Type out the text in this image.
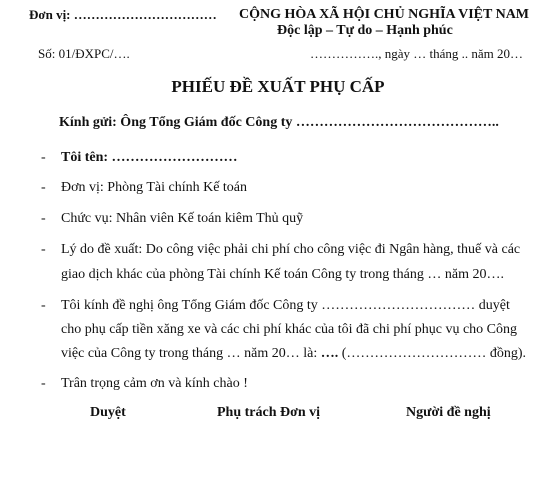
Đơn vị: …………………………… CỘNG HÒA XÃ HỘI CHỦ NGHĨA VIỆT NAM
Độc lập – Tự do – Hạnh phúc
Số: 01/ĐXPC/….	……………., ngày … tháng .. năm 20…
PHIẾU ĐỀ XUẤT PHỤ CẤP
Kính gửi: Ông Tổng Giám đốc Công ty ……………………………………..
- Tôi tên: ………………………
- Đơn vị: Phòng Tài chính Kế toán
- Chức vụ: Nhân viên Kế toán kiêm Thủ quỹ
- Lý do đề xuất: Do công việc phải chi phí cho công việc đi Ngân hàng, thuế và các
giao dịch khác của phòng Tài chính Kế toán Công ty trong tháng … năm 20….
- Tôi kính đề nghị ông Tổng Giám đốc Công ty …………………………… duyệt
cho phụ cấp tiền xăng xe và các chi phí khác của tôi đã chi phí phục vụ cho Công
việc của Công ty trong tháng … năm 20… là: …. (………………………… đồng).
- Trân trọng cảm ơn và kính chào !
Duyệt	Phụ trách Đơn vị	Người đề nghị
